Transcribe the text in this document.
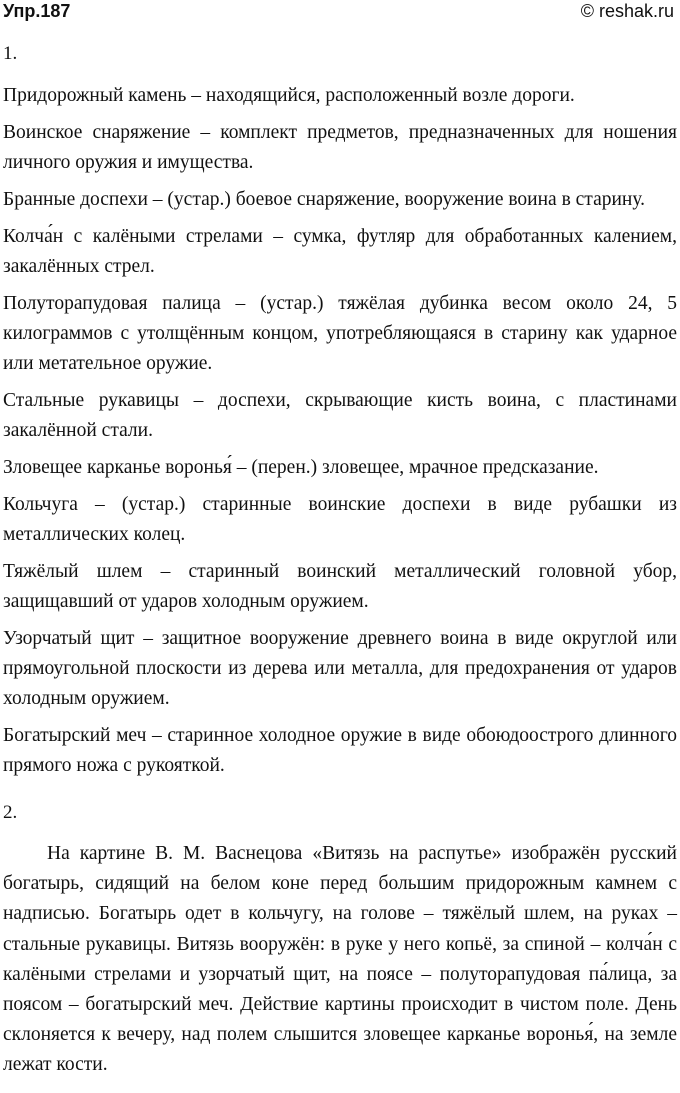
Упр.187	© reshak.ru
1.

Придорожный камень – находящийся, расположенный возле дороги.

Воинское снаряжение – комплект предметов, предназначенных для ношения личного оружия и имущества.

Бранные доспехи – (устар.) боевое снаряжение, вооружение воина в старину.

Колча́н с калёными стрелами – сумка, футляр для обработанных калением, закалённых стрел.

Полуторапудовая палица – (устар.) тяжёлая дубинка весом около 24, 5 килограммов с утолщённым концом, употребляющаяся в старину как ударное или метательное оружие.

Стальные рукавицы – доспехи, скрывающие кисть воина, с пластинами закалённой стали.

Зловещее карканье воронья́ – (перен.) зловещее, мрачное предсказание.

Кольчуга – (устар.) старинные воинские доспехи в виде рубашки из металлических колец.

Тяжёлый шлем – старинный воинский металлический головной убор, защищавший от ударов холодным оружием.

Узорчатый щит – защитное вооружение древнего воина в виде округлой или прямоугольной плоскости из дерева или металла, для предохранения от ударов холодным оружием.

Богатырский меч – старинное холодное оружие в виде обоюдоострого длинного прямого ножа с рукояткой.

2.

На картине В. М. Васнецова «Витязь на распутье» изображён русский богатырь, сидящий на белом коне перед большим придорожным камнем с надписью. Богатырь одет в кольчугу, на голове – тяжёлый шлем, на руках – стальные рукавицы. Витязь вооружён: в руке у него копьё, за спиной – колча́н с калёными стрелами и узорчатый щит, на поясе – полуторапудовая па́лица, за поясом – богатырский меч. Действие картины происходит в чистом поле. День склоняется к вечеру, над полем слышится зловещее карканье воронья́, на земле лежат кости.
